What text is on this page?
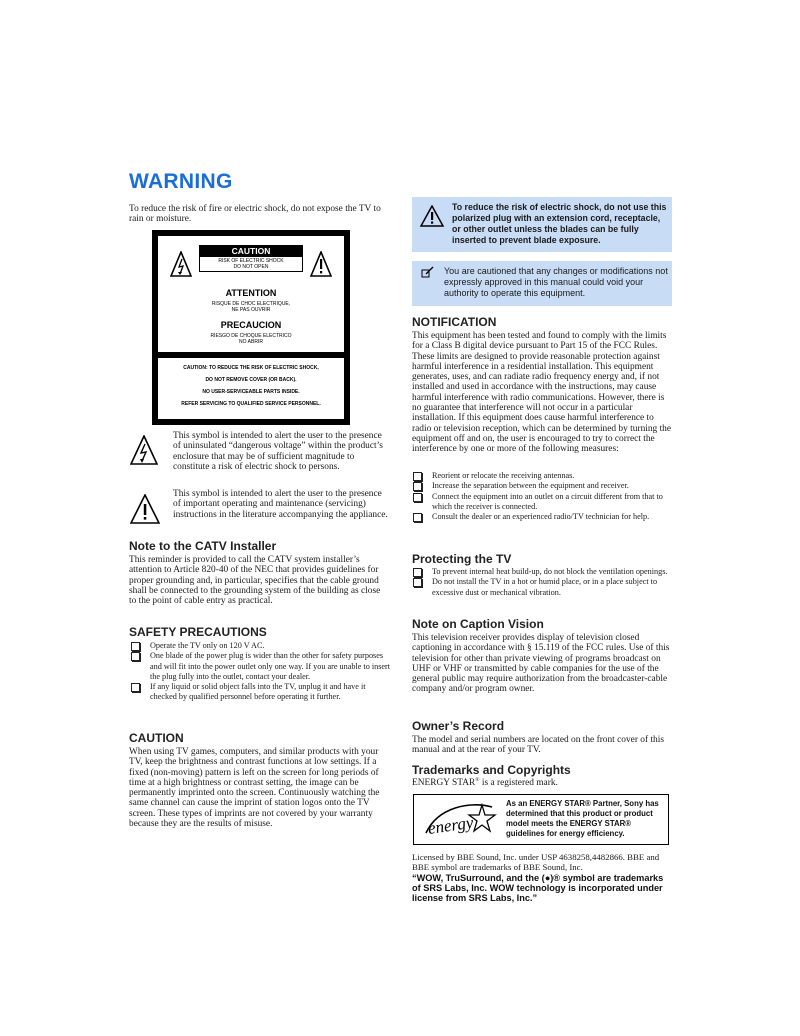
WARNING
To reduce the risk of fire or electric shock, do not expose the TV to rain or moisture.
CAUTION
RISK OF ELECTRIC SHOCK
DO NOT OPEN
ATTENTION
RISQUE DE CHOC ELECTRIQUE,
NE PAS OUVRIR
PRECAUCION
RIESGO DE CHOQUE ELECTRICO
NO ABRIR
CAUTION: TO REDUCE THE RISK OF ELECTRIC SHOCK,
DO NOT REMOVE COVER (OR BACK).
NO USER-SERVICEABLE PARTS INSIDE.
REFER SERVICING TO QUALIFIED SERVICE PERSONNEL.
This symbol is intended to alert the user to the presence of uninsulated “dangerous voltage” within the product’s enclosure that may be of sufficient magnitude to constitute a risk of electric shock to persons.
This symbol is intended to alert the user to the presence of important operating and maintenance (servicing) instructions in the literature accompanying the appliance.
Note to the CATV Installer
This reminder is provided to call the CATV system installer’s attention to Article 820-40 of the NEC that provides guidelines for proper grounding and, in particular, specifies that the cable ground shall be connected to the grounding system of the building as close to the point of cable entry as practical.
SAFETY PRECAUTIONS
Operate the TV only on 120 V AC.
One blade of the power plug is wider than the other for safety purposes and will fit into the power outlet only one way. If you are unable to insert the plug fully into the outlet, contact your dealer.
If any liquid or solid object falls into the TV, unplug it and have it checked by qualified personnel before operating it further.
CAUTION
When using TV games, computers, and similar products with your TV, keep the brightness and contrast functions at low settings. If a fixed (non-moving) pattern is left on the screen for long periods of time at a high brightness or contrast setting, the image can be permanently imprinted onto the screen. Continuously watching the same channel can cause the imprint of station logos onto the TV screen. These types of imprints are not covered by your warranty because they are the results of misuse.
To reduce the risk of electric shock, do not use this polarized plug with an extension cord, receptacle, or other outlet unless the blades can be fully inserted to prevent blade exposure.
You are cautioned that any changes or modifications not expressly approved in this manual could void your authority to operate this equipment.
NOTIFICATION
This equipment has been tested and found to comply with the limits for a Class B digital device pursuant to Part 15 of the FCC Rules. These limits are designed to provide reasonable protection against harmful interference in a residential installation. This equipment generates, uses, and can radiate radio frequency energy and, if not installed and used in accordance with the instructions, may cause harmful interference with radio communications. However, there is no guarantee that interference will not occur in a particular installation. If this equipment does cause harmful interference to radio or television reception, which can be determined by turning the equipment off and on, the user is encouraged to try to correct the interference by one or more of the following measures:
Reorient or relocate the receiving antennas.
Increase the separation between the equipment and receiver.
Connect the equipment into an outlet on a circuit different from that to which the receiver is connected.
Consult the dealer or an experienced radio/TV technician for help.
Protecting the TV
To prevent internal heat build-up, do not block the ventilation openings.
Do not install the TV in a hot or humid place, or in a place subject to excessive dust or mechanical vibration.
Note on Caption Vision
This television receiver provides display of television closed captioning in accordance with § 15.119 of the FCC rules. Use of this television for other than private viewing of programs broadcast on UHF or VHF or transmitted by cable companies for the use of the general public may require authorization from the broadcaster-cable company and/or program owner.
Owner’s Record
The model and serial numbers are located on the front cover of this manual and at the rear of your TV.
Trademarks and Copyrights
ENERGY STAR® is a registered mark.
energy
As an ENERGY STAR® Partner, Sony has determined that this product or product model meets the ENERGY STAR® guidelines for energy efficiency.
Licensed by BBE Sound, Inc. under USP 4638258,4482866. BBE and BBE symbol are trademarks of BBE Sound, Inc.
“WOW, TruSurround, and the (●)® symbol are trademarks of SRS Labs, Inc. WOW technology is incorporated under license from SRS Labs, Inc.”
